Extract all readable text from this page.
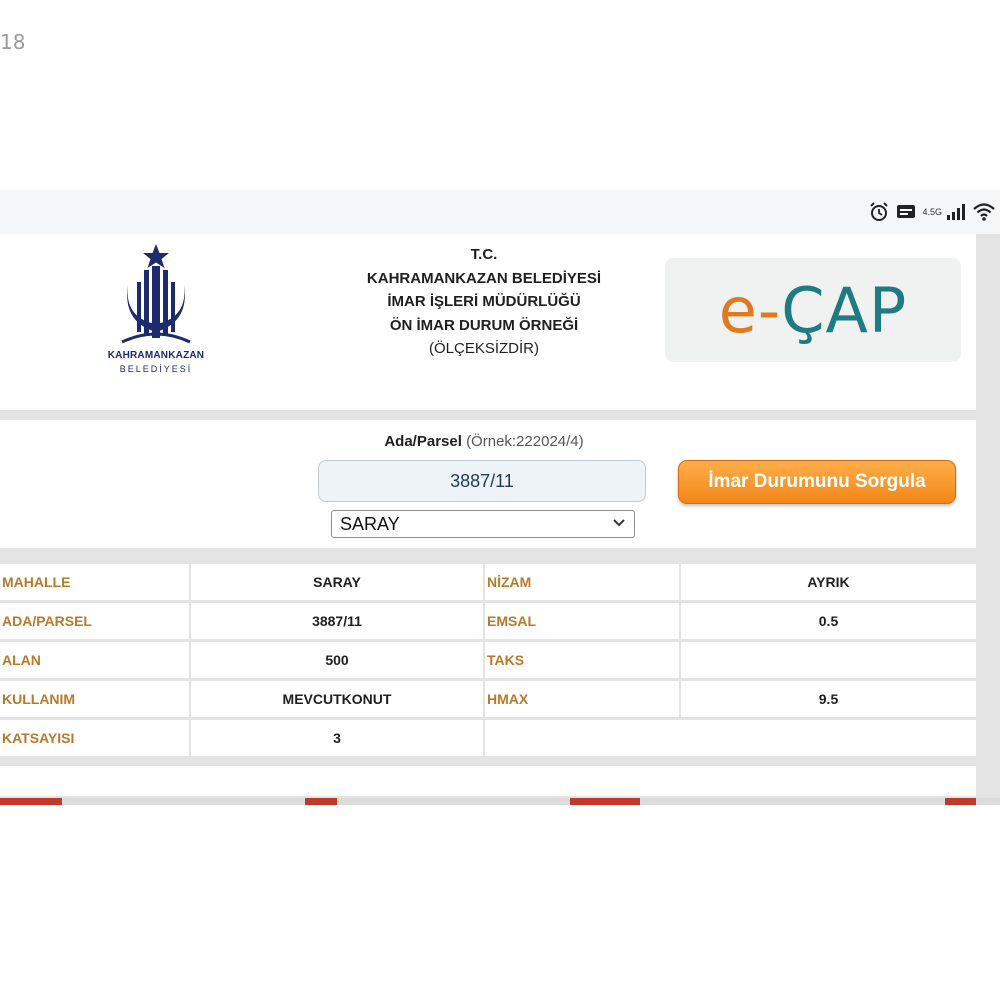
18
4.5G
KAHRAMANKAZAN
BELEDİYESİ
T.C.
KAHRAMANKAZAN BELEDİYESİ
İMAR İŞLERİ MÜDÜRLÜĞÜ
ÖN İMAR DURUM ÖRNEĞİ
(ÖLÇEKSİZDİR)
e-ÇAP
Ada/Parsel (Örnek:222024/4)
3887/11
İmar Durumunu Sorgula
SARAY
MAHALLE	SARAY	NİZAM	AYRIK
ADA/PARSEL	3887/11	EMSAL	0.5
ALAN	500	TAKS
KULLANIM	MEVCUTKONUT	HMAX	9.5
KATSAYISI	3
